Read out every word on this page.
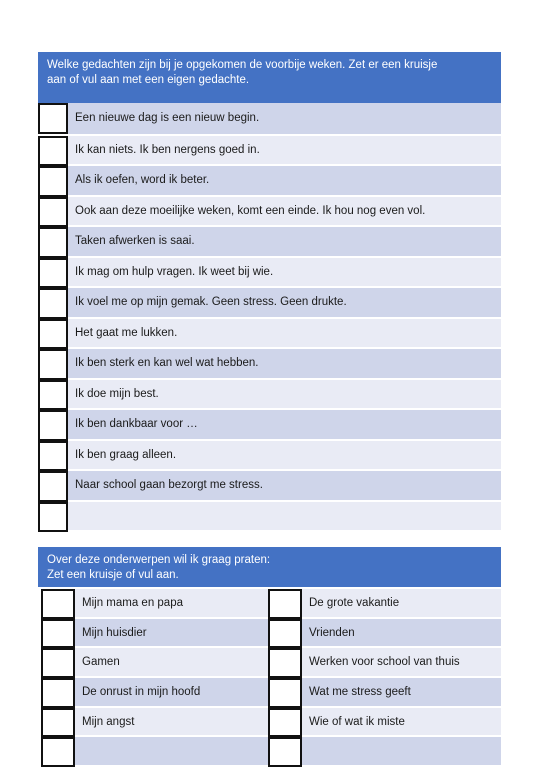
Welke gedachten zijn bij je opgekomen de voorbije weken. Zet er een kruisje
aan of vul aan met een eigen gedachte.
Een nieuwe dag is een nieuw begin.
Ik kan niets. Ik ben nergens goed in.
Als ik oefen, word ik beter.
Ook aan deze moeilijke weken, komt een einde. Ik hou nog even vol.
Taken afwerken is saai.
Ik mag om hulp vragen. Ik weet bij wie.
Ik voel me op mijn gemak. Geen stress. Geen drukte.
Het gaat me lukken.
Ik ben sterk en kan wel wat hebben.
Ik doe mijn best.
Ik ben dankbaar voor …
Ik ben graag alleen.
Naar school gaan bezorgt me stress.
Over deze onderwerpen wil ik graag praten:
Zet een kruisje of vul aan.
Mijn mama en papa	De grote vakantie
Mijn huisdier	Vrienden
Gamen	Werken voor school van thuis
De onrust in mijn hoofd	Wat me stress geeft
Mijn angst	Wie of wat ik miste
